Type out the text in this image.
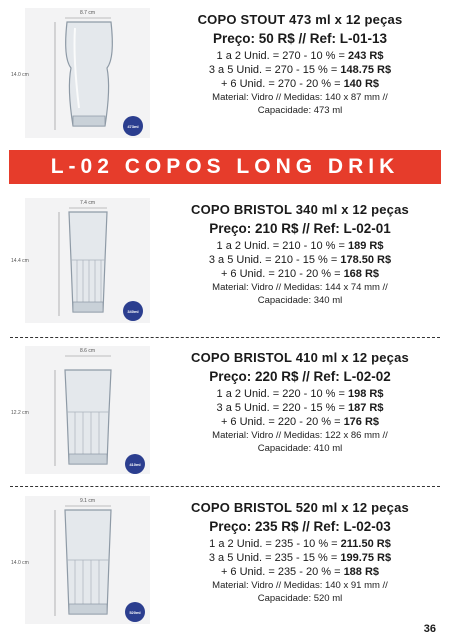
8.7 cm
14.0 cm
473ml
COPO STOUT 473 ml x 12 peças
Preço: 50 R$ // Ref: L-01-13
1 a 2 Unid. = 270 - 10 % = 243 R$
3 a 5 Unid. = 270 - 15 % = 148.75 R$
+ 6 Unid. = 270 - 20 % = 140 R$
Material: Vidro // Medidas: 140 x 87 mm //
Capacidade: 473 ml
L-02 COPOS LONG DRIK
7.4 cm
14.4 cm
340ml
COPO BRISTOL 340 ml x 12 peças
Preço: 210 R$ // Ref: L-02-01
1 a 2 Unid. = 210 - 10 % = 189 R$
3 a 5 Unid. = 210 - 15 % = 178.50 R$
+ 6 Unid. = 210 - 20 % = 168 R$
Material: Vidro // Medidas: 144 x 74 mm //
Capacidade: 340 ml
8.6 cm
12.2 cm
410ml
COPO BRISTOL 410 ml x 12 peças
Preço: 220 R$ // Ref: L-02-02
1 a 2 Unid. = 220 - 10 % = 198 R$
3 a 5 Unid. = 220 - 15 % = 187 R$
+ 6 Unid. = 220 - 20 % = 176 R$
Material: Vidro // Medidas: 122 x 86 mm //
Capacidade: 410 ml
9.1 cm
14.0 cm
520ml
COPO BRISTOL 520 ml x 12 peças
Preço: 235 R$ // Ref: L-02-03
1 a 2 Unid. = 235 - 10 % = 211.50 R$
3 a 5 Unid. = 235 - 15 % = 199.75 R$
+ 6 Unid. = 235 - 20 % = 188 R$
Material: Vidro // Medidas: 140 x 91 mm //
Capacidade: 520 ml
36
